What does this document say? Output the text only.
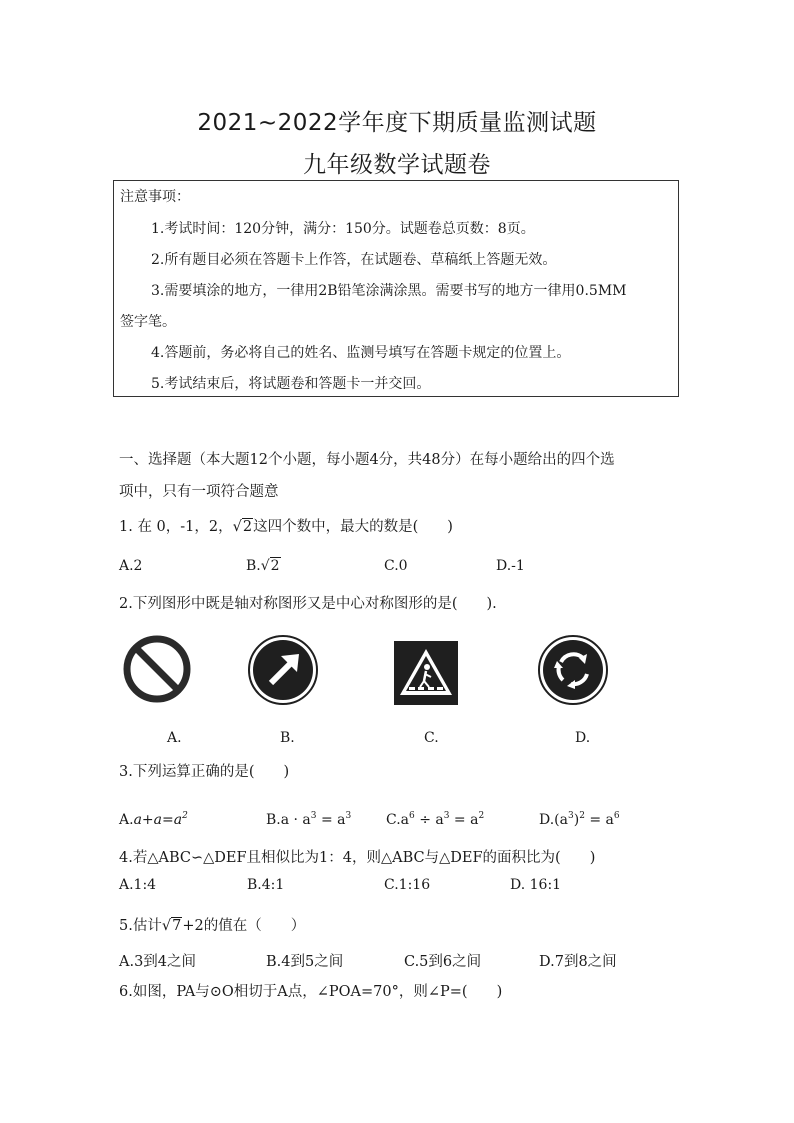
2021~2022学年度下期质量监测试题
九年级数学试题卷
注意事项：
1.考试时间：120分钟，满分：150分。试题卷总页数：8页。
2.所有题目必须在答题卡上作答，在试题卷、草稿纸上答题无效。
3.需要填涂的地方，一律用2B铅笔涂满涂黑。需要书写的地方一律用0.5MM
签字笔。
4.答题前，务必将自己的姓名、监测号填写在答题卡规定的位置上。
5.考试结束后，将试题卷和答题卡一并交回。
一、选择题（本大题12个小题，每小题4分，共48分）在每小题给出的四个选
项中，只有一项符合题意
1. 在 0，-1，2，√2这四个数中，最大的数是(　　)
A.2	B.√2	C.0	D.-1
2.下列图形中既是轴对称图形又是中心对称图形的是(　　).
A.	B.	C.	D.
3.下列运算正确的是(　　)
$A.a+a=a^2$	$B.a \cdot a^3 = a^3$ $C.a^6 \div a^3 = a^2$	$D.(a^3)^2 = a^6$
4.若△ABC∽△DEF且相似比为1：4，则△ABC与△DEF的面积比为(　　)
A.1:4	B.4:1	C.1:16	D. 16:1
5.估计√7+2的值在（　　）
A.3到4之间	B.4到5之间	C.5到6之间	D.7到8之间
6.如图，PA与⊙O相切于A点，∠POA=70°，则∠P=(　　)
